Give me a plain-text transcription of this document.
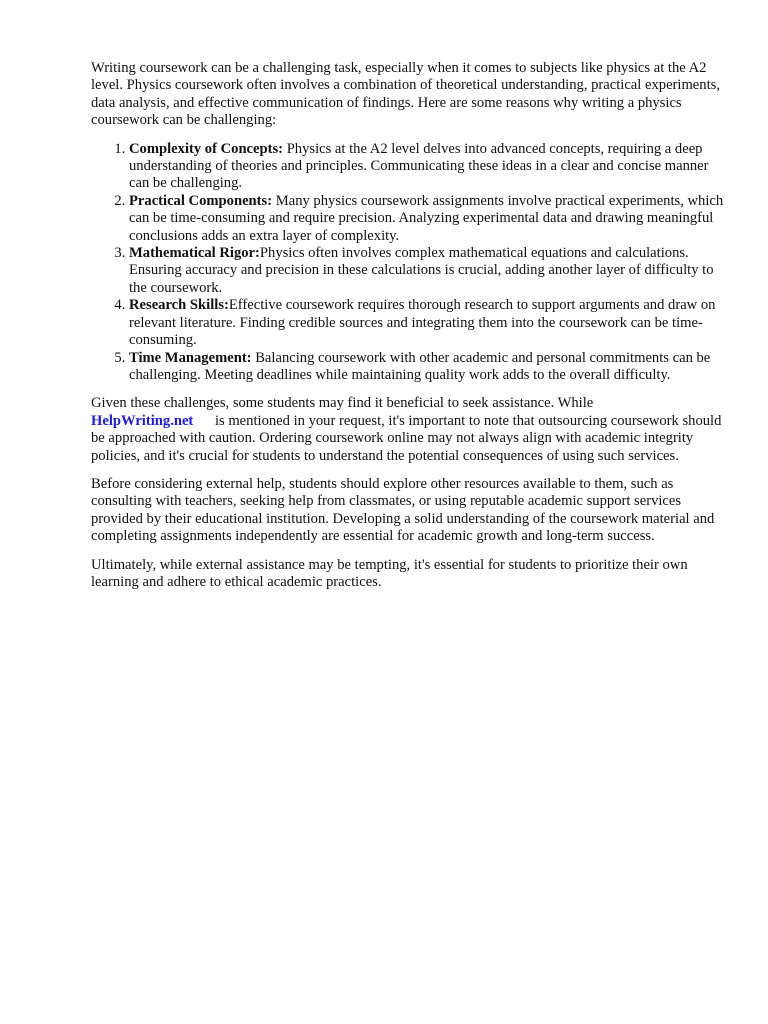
Writing coursework can be a challenging task, especially when it comes to subjects like physics at the A2 level. Physics coursework often involves a combination of theoretical understanding, practical experiments, data analysis, and effective communication of findings. Here are some reasons why writing a physics coursework can be challenging:

1. Complexity of Concepts: Physics at the A2 level delves into advanced concepts, requiring a deep understanding of theories and principles. Communicating these ideas in a clear and concise manner can be challenging.
2. Practical Components: Many physics coursework assignments involve practical experiments, which can be time-consuming and require precision. Analyzing experimental data and drawing meaningful conclusions adds an extra layer of complexity.
3. Mathematical Rigor:Physics often involves complex mathematical equations and calculations. Ensuring accuracy and precision in these calculations is crucial, adding another layer of difficulty to the coursework.
4. Research Skills:Effective coursework requires thorough research to support arguments and draw on relevant literature. Finding credible sources and integrating them into the coursework can be time-consuming.
5. Time Management: Balancing coursework with other academic and personal commitments can be challenging. Meeting deadlines while maintaining quality work adds to the overall difficulty.

Given these challenges, some students may find it beneficial to seek assistance. While
HelpWriting.net is mentioned in your request, it's important to note that outsourcing coursework should be approached with caution. Ordering coursework online may not always align with academic integrity policies, and it's crucial for students to understand the potential consequences of using such services.

Before considering external help, students should explore other resources available to them, such as consulting with teachers, seeking help from classmates, or using reputable academic support services provided by their educational institution. Developing a solid understanding of the coursework material and completing assignments independently are essential for academic growth and long-term success.

Ultimately, while external assistance may be tempting, it's essential for students to prioritize their own learning and adhere to ethical academic practices.
